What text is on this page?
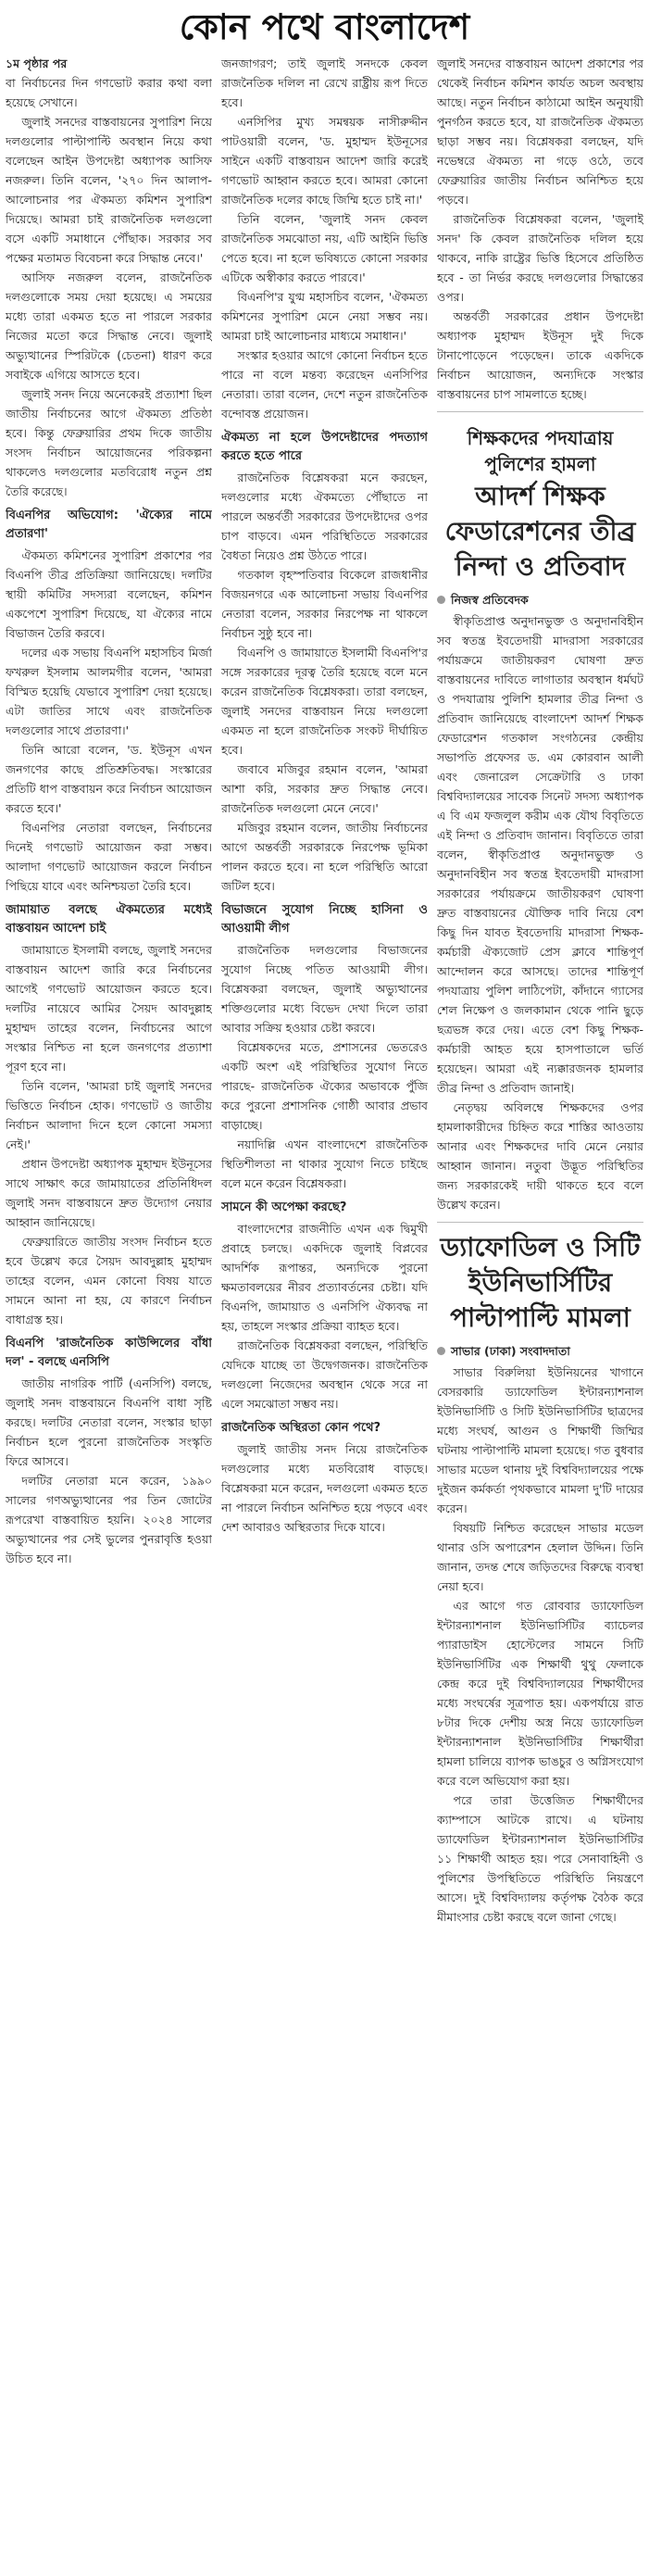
কোন পথে বাংলাদেশ
১ম পৃষ্ঠার পর

বা নির্বাচনের দিন গণভোট করার কথা বলা হয়েছে সেখানে।

জুলাই সনদের বাস্তবায়নের সুপারিশ নিয়ে দলগুলোর পাল্টাপাল্টি অবস্থান নিয়ে কথা বলেছেন আইন উপদেষ্টা অধ্যাপক আসিফ নজরুল। তিনি বলেন, '২৭০ দিন আলাপ-আলোচনার পর ঐকমত্য কমিশন সুপারিশ দিয়েছে। আমরা চাই রাজনৈতিক দলগুলো বসে একটি সমাধানে পৌঁছাক। সরকার সব পক্ষের মতামত বিবেচনা করে সিদ্ধান্ত নেবে।'

আসিফ নজরুল বলেন, রাজনৈতিক দলগুলোকে সময় দেয়া হয়েছে। এ সময়ের মধ্যে তারা একমত হতে না পারলে সরকার নিজের মতো করে সিদ্ধান্ত নেবে। জুলাই অভ্যুত্থানের স্পিরিটকে (চেতনা) ধারণ করে সবাইকে এগিয়ে আসতে হবে।

জুলাই সনদ নিয়ে অনেকেরই প্রত্যাশা ছিল জাতীয় নির্বাচনের আগে ঐকমত্য প্রতিষ্ঠা হবে। কিন্তু ফেব্রুয়ারির প্রথম দিকে জাতীয় সংসদ নির্বাচন আয়োজনের পরিকল্পনা থাকলেও দলগুলোর মতবিরোধ নতুন প্রশ্ন তৈরি করেছে।

বিএনপির অভিযোগ: 'ঐক্যের নামে প্রতারণা'

ঐকমত্য কমিশনের সুপারিশ প্রকাশের পর বিএনপি তীব্র প্রতিক্রিয়া জানিয়েছে। দলটির স্থায়ী কমিটির সদস্যরা বলেছেন, কমিশন একপেশে সুপারিশ দিয়েছে, যা ঐক্যের নামে বিভাজন তৈরি করবে।

দলের এক সভায় বিএনপি মহাসচিব মির্জা ফখরুল ইসলাম আলমগীর বলেন, 'আমরা বিস্মিত হয়েছি যেভাবে সুপারিশ দেয়া হয়েছে। এটা জাতির সাথে এবং রাজনৈতিক দলগুলোর সাথে প্রতারণা।'

তিনি আরো বলেন, 'ড. ইউনূস এখন জনগণের কাছে প্রতিশ্রুতিবদ্ধ। সংস্কারের প্রতিটি ধাপ বাস্তবায়ন করে নির্বাচন আয়োজন করতে হবে।'

বিএনপির নেতারা বলছেন, নির্বাচনের দিনেই গণভোট আয়োজন করা সম্ভব। আলাদা গণভোট আয়োজন করলে নির্বাচন পিছিয়ে যাবে এবং অনিশ্চয়তা তৈরি হবে।

জামায়াত বলছে ঐকমত্যের মধ্যেই বাস্তবায়ন আদেশ চাই

জামায়াতে ইসলামী বলছে, জুলাই সনদের বাস্তবায়ন আদেশ জারি করে নির্বাচনের আগেই গণভোট আয়োজন করতে হবে। দলটির নায়েবে আমির সৈয়দ আবদুল্লাহ মুহাম্মদ তাহের বলেন, নির্বাচনের আগে সংস্কার নিশ্চিত না হলে জনগণের প্রত্যাশা পূরণ হবে না।

তিনি বলেন, 'আমরা চাই জুলাই সনদের ভিত্তিতে নির্বাচন হোক। গণভোট ও জাতীয় নির্বাচন আলাদা দিনে হলে কোনো সমস্যা নেই।'

প্রধান উপদেষ্টা অধ্যাপক মুহাম্মদ ইউনূসের সাথে সাক্ষাৎ করে জামায়াতের প্রতিনিধিদল জুলাই সনদ বাস্তবায়নে দ্রুত উদ্যোগ নেয়ার আহ্বান জানিয়েছে।

ফেব্রুয়ারিতে জাতীয় সংসদ নির্বাচন হতে হবে উল্লেখ করে সৈয়দ আবদুল্লাহ মুহাম্মদ তাহের বলেন, এমন কোনো বিষয় যাতে সামনে আনা না হয়, যে কারণে নির্বাচন বাধাগ্রস্ত হয়।

বিএনপি 'রাজনৈতিক কাউন্সিলের বাঁধা দল' - বলছে এনসিপি

জাতীয় নাগরিক পার্টি (এনসিপি) বলছে, জুলাই সনদ বাস্তবায়নে বিএনপি বাধা সৃষ্টি করছে। দলটির নেতারা বলেন, সংস্কার ছাড়া নির্বাচন হলে পুরনো রাজনৈতিক সংস্কৃতি ফিরে আসবে।

দলটির নেতারা মনে করেন, ১৯৯০ সালের গণঅভ্যুত্থানের পর তিন জোটের রূপরেখা বাস্তবায়িত হয়নি। ২০২৪ সালের অভ্যুত্থানের পর সেই ভুলের পুনরাবৃত্তি হওয়া উচিত হবে না।

জনজাগরণ; তাই জুলাই সনদকে কেবল রাজনৈতিক দলিল না রেখে রাষ্ট্রীয় রূপ দিতে হবে।

এনসিপির মুখ্য সমন্বয়ক নাসীরুদ্দীন পাটওয়ারী বলেন, 'ড. মুহাম্মদ ইউনূসের সাইনে একটি বাস্তবায়ন আদেশ জারি করেই গণভোট আহ্বান করতে হবে। আমরা কোনো রাজনৈতিক দলের কাছে জিম্মি হতে চাই না।'

তিনি বলেন, 'জুলাই সনদ কেবল রাজনৈতিক সমঝোতা নয়, এটি আইনি ভিত্তি পেতে হবে। না হলে ভবিষ্যতে কোনো সরকার এটিকে অস্বীকার করতে পারবে।'

বিএনপি'র যুগ্ম মহাসচিব বলেন, 'ঐকমত্য কমিশনের সুপারিশ মেনে নেয়া সম্ভব নয়। আমরা চাই আলোচনার মাধ্যমে সমাধান।'

সংস্কার হওয়ার আগে কোনো নির্বাচন হতে পারে না বলে মন্তব্য করেছেন এনসিপির নেতারা। তারা বলেন, দেশে নতুন রাজনৈতিক বন্দোবস্ত প্রয়োজন।

ঐকমত্য না হলে উপদেষ্টাদের পদত্যাগ করতে হতে পারে

রাজনৈতিক বিশ্লেষকরা মনে করছেন, দলগুলোর মধ্যে ঐকমত্যে পৌঁছাতে না পারলে অন্তর্বর্তী সরকারের উপদেষ্টাদের ওপর চাপ বাড়বে। এমন পরিস্থিতিতে সরকারের বৈধতা নিয়েও প্রশ্ন উঠতে পারে।

গতকাল বৃহস্পতিবার বিকেলে রাজধানীর বিজয়নগরে এক আলোচনা সভায় বিএনপির নেতারা বলেন, সরকার নিরপেক্ষ না থাকলে নির্বাচন সুষ্ঠু হবে না।

বিএনপি ও জামায়াতে ইসলামী বিএনপি'র সঙ্গে সরকারের দূরত্ব তৈরি হয়েছে বলে মনে করেন রাজনৈতিক বিশ্লেষকরা। তারা বলছেন, জুলাই সনদের বাস্তবায়ন নিয়ে দলগুলো একমত না হলে রাজনৈতিক সংকট দীর্ঘায়িত হবে।

জবাবে মজিবুর রহমান বলেন, 'আমরা আশা করি, সরকার দ্রুত সিদ্ধান্ত নেবে। রাজনৈতিক দলগুলো মেনে নেবে।'

মজিবুর রহমান বলেন, জাতীয় নির্বাচনের আগে অন্তর্বর্তী সরকারকে নিরপেক্ষ ভূমিকা পালন করতে হবে। না হলে পরিস্থিতি আরো জটিল হবে।

বিভাজনে সুযোগ নিচ্ছে হাসিনা ও আওয়ামী লীগ

রাজনৈতিক দলগুলোর বিভাজনের সুযোগ নিচ্ছে পতিত আওয়ামী লীগ। বিশ্লেষকরা বলছেন, জুলাই অভ্যুত্থানের শক্তিগুলোর মধ্যে বিভেদ দেখা দিলে তারা আবার সক্রিয় হওয়ার চেষ্টা করবে।

বিশ্লেষকদের মতে, প্রশাসনের ভেতরেও একটি অংশ এই পরিস্থিতির সুযোগ নিতে পারছে- রাজনৈতিক ঐক্যের অভাবকে পুঁজি করে পুরনো প্রশাসনিক গোষ্ঠী আবার প্রভাব বাড়াচ্ছে।

নয়াদিল্লি এখন বাংলাদেশে রাজনৈতিক স্থিতিশীলতা না থাকার সুযোগ নিতে চাইছে বলে মনে করেন বিশ্লেষকরা।

সামনে কী অপেক্ষা করছে?

বাংলাদেশের রাজনীতি এখন এক দ্বিমুখী প্রবাহে চলছে। একদিকে জুলাই বিপ্লবের আদর্শিক রূপান্তর, অন্যদিকে পুরনো ক্ষমতাবলয়ের নীরব প্রত্যাবর্তনের চেষ্টা। যদি বিএনপি, জামায়াত ও এনসিপি ঐক্যবদ্ধ না হয়, তাহলে সংস্কার প্রক্রিয়া ব্যাহত হবে।

রাজনৈতিক বিশ্লেষকরা বলছেন, পরিস্থিতি যেদিকে যাচ্ছে তা উদ্বেগজনক। রাজনৈতিক দলগুলো নিজেদের অবস্থান থেকে সরে না এলে সমঝোতা সম্ভব নয়।

রাজনৈতিক অস্থিরতা কোন পথে?

জুলাই জাতীয় সনদ নিয়ে রাজনৈতিক দলগুলোর মধ্যে মতবিরোধ বাড়ছে। বিশ্লেষকরা মনে করেন, দলগুলো একমত হতে না পারলে নির্বাচন অনিশ্চিত হয়ে পড়বে এবং দেশ আবারও অস্থিরতার দিকে যাবে।

জুলাই সনদের বাস্তবায়ন আদেশ প্রকাশের পর থেকেই নির্বাচন কমিশন কার্যত অচল অবস্থায় আছে। নতুন নির্বাচন কাঠামো আইন অনুযায়ী পুনর্গঠন করতে হবে, যা রাজনৈতিক ঐকমত্য ছাড়া সম্ভব নয়। বিশ্লেষকরা বলছেন, যদি নভেম্বরে ঐকমত্য না গড়ে ওঠে, তবে ফেব্রুয়ারির জাতীয় নির্বাচন অনিশ্চিত হয়ে পড়বে।

রাজনৈতিক বিশ্লেষকরা বলেন, 'জুলাই সনদ' কি কেবল রাজনৈতিক দলিল হয়ে থাকবে, নাকি রাষ্ট্রের ভিত্তি হিসেবে প্রতিষ্ঠিত হবে - তা নির্ভর করছে দলগুলোর সিদ্ধান্তের ওপর।

অন্তর্বর্তী সরকারের প্রধান উপদেষ্টা অধ্যাপক মুহাম্মদ ইউনূস দুই দিকে টানাপোড়েনে পড়েছেন। তাকে একদিকে নির্বাচন আয়োজন, অন্যদিকে সংস্কার বাস্তবায়নের চাপ সামলাতে হচ্ছে।

শিক্ষকদের পদযাত্রায় পুলিশের হামলা
আদর্শ শিক্ষক ফেডারেশনের তীব্র নিন্দা ও প্রতিবাদ
নিজস্ব প্রতিবেদক

স্বীকৃতিপ্রাপ্ত অনুদানভুক্ত ও অনুদানবিহীন সব স্বতন্ত্র ইবতেদায়ী মাদরাসা সরকারের পর্যায়ক্রমে জাতীয়করণ ঘোষণা দ্রুত বাস্তবায়নের দাবিতে লাগাতার অবস্থান ধর্মঘট ও পদযাত্রায় পুলিশি হামলার তীব্র নিন্দা ও প্রতিবাদ জানিয়েছে বাংলাদেশ আদর্শ শিক্ষক ফেডারেশন গতকাল সংগঠনের কেন্দ্রীয় সভাপতি প্রফেসর ড. এম কোরবান আলী এবং জেনারেল সেক্রেটারি ও ঢাকা বিশ্ববিদ্যালয়ের সাবেক সিনেট সদস্য অধ্যাপক এ বি এম ফজলুল করীম এক যৌথ বিবৃতিতে এই নিন্দা ও প্রতিবাদ জানান। বিবৃতিতে তারা বলেন, স্বীকৃতিপ্রাপ্ত অনুদানভুক্ত ও অনুদানবিহীন সব স্বতন্ত্র ইবতেদায়ী মাদরাসা সরকারের পর্যায়ক্রমে জাতীয়করণ ঘোষণা দ্রুত বাস্তবায়নের যৌক্তিক দাবি নিয়ে বেশ কিছু দিন যাবত ইবতেদায়ি মাদরাসা শিক্ষক-কর্মচারী ঐক্যজোট প্রেস ক্লাবে শান্তিপূর্ণ আন্দোলন করে আসছে। তাদের শান্তিপূর্ণ পদযাত্রায় পুলিশ লাঠিপেটা, কাঁদানে গ্যাসের শেল নিক্ষেপ ও জলকামান থেকে পানি ছুড়ে ছত্রভঙ্গ করে দেয়। এতে বেশ কিছু শিক্ষক-কর্মচারী আহত হয়ে হাসপাতালে ভর্তি হয়েছেন। আমরা এই ন্যক্কারজনক হামলার তীব্র নিন্দা ও প্রতিবাদ জানাই।

নেতৃদ্বয় অবিলম্বে শিক্ষকদের ওপর হামলাকারীদের চিহ্নিত করে শাস্তির আওতায় আনার এবং শিক্ষকদের দাবি মেনে নেয়ার আহ্বান জানান। নতুবা উদ্ভূত পরিস্থিতির জন্য সরকারকেই দায়ী থাকতে হবে বলে উল্লেখ করেন।

ড্যাফোডিল ও সিটি ইউনিভার্সিটির পাল্টাপাল্টি মামলা
সাভার (ঢাকা) সংবাদদাতা

সাভার বিরুলিয়া ইউনিয়নের খাগানে বেসরকারি ড্যাফোডিল ইন্টারন্যাশনাল ইউনিভার্সিটি ও সিটি ইউনিভার্সিটির ছাত্রদের মধ্যে সংঘর্ষ, আগুন ও শিক্ষার্থী জিম্মির ঘটনায় পাল্টাপাল্টি মামলা হয়েছে। গত বুধবার সাভার মডেল থানায় দুই বিশ্ববিদ্যালয়ের পক্ষে দুইজন কর্মকর্তা পৃথকভাবে মামলা দু'টি দায়ের করেন।

বিষয়টি নিশ্চিত করেছেন সাভার মডেল থানার ওসি অপারেশন হেলাল উদ্দিন। তিনি জানান, তদন্ত শেষে জড়িতদের বিরুদ্ধে ব্যবস্থা নেয়া হবে।

এর আগে গত রোববার ড্যাফোডিল ইন্টারন্যাশনাল ইউনিভার্সিটির ব্যাচেলর প্যারাডাইস হোস্টেলের সামনে সিটি ইউনিভার্সিটির এক শিক্ষার্থী থুথু ফেলাকে কেন্দ্র করে দুই বিশ্ববিদ্যালয়ের শিক্ষার্থীদের মধ্যে সংঘর্ষের সূত্রপাত হয়। একপর্যায়ে রাত ৮টার দিকে দেশীয় অস্ত্র নিয়ে ড্যাফোডিল ইন্টারন্যাশনাল ইউনিভার্সিটির শিক্ষার্থীরা হামলা চালিয়ে ব্যাপক ভাঙচুর ও অগ্নিসংযোগ করে বলে অভিযোগ করা হয়।

পরে তারা উত্তেজিত শিক্ষার্থীদের ক্যাম্পাসে আটকে রাখে। এ ঘটনায় ড্যাফোডিল ইন্টারন্যাশনাল ইউনিভার্সিটির ১১ শিক্ষার্থী আহত হয়। পরে সেনাবাহিনী ও পুলিশের উপস্থিতিতে পরিস্থিতি নিয়ন্ত্রণে আসে। দুই বিশ্ববিদ্যালয় কর্তৃপক্ষ বৈঠক করে মীমাংসার চেষ্টা করছে বলে জানা গেছে।
